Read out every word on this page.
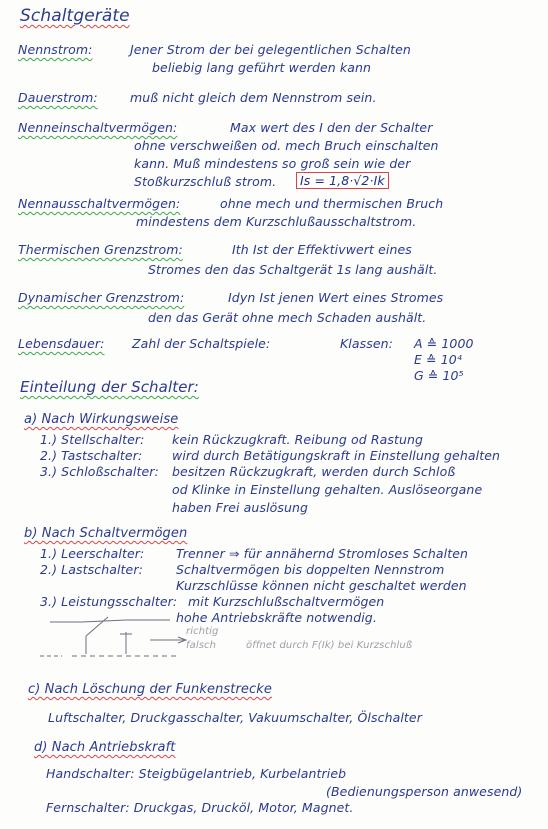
Schaltgeräte
Nennstrom:	Jener Strom der bei gelegentlichen Schalten
beliebig lang geführt werden kann
Dauerstrom:	muß nicht gleich dem Nennstrom sein.
Nenneinschaltvermögen:	Max wert des I den der Schalter
ohne verschweißen od. mech Bruch einschalten
kann. Muß mindestens so groß sein wie der
Stoßkurzschluß strom.	Is = 1,8·√2·Ik
Nennausschaltvermögen:	ohne mech und thermischen Bruch
mindestens dem Kurzschlußausschaltstrom.
Thermischen Grenzstrom:	Ith Ist der Effektivwert eines
Stromes den das Schaltgerät 1s lang aushält.
Dynamischer Grenzstrom:	Idyn Ist jenen Wert eines Stromes
den das Gerät ohne mech Schaden aushält.
Lebensdauer: Zahl der Schaltspiele:	Klassen: A ≙ 1000
E ≙ 10⁴
G ≙ 10⁵
Einteilung der Schalter:
a) Nach Wirkungsweise
1.) Stellschalter: kein Rückzugkraft. Reibung od Rastung
2.) Tastschalter: wird durch Betätigungskraft in Einstellung gehalten
3.) Schloßschalter: besitzen Rückzugkraft, werden durch Schloß
od Klinke in Einstellung gehalten. Auslöseorgane
haben Frei auslösung
b) Nach Schaltvermögen
1.) Leerschalter:	Trenner ⇒ für annähernd Stromloses Schalten
2.) Lastschalter:	Schaltvermögen bis doppelten Nennstrom
Kurzschlüsse können nicht geschaltet werden
3.) Leistungsschalter: mit Kurzschlußschaltvermögen
hohe Antriebskräfte notwendig.
richtig
falsch	öffnet durch F(Ik) bei Kurzschluß
c) Nach Löschung der Funkenstrecke
Luftschalter, Druckgasschalter, Vakuumschalter, Ölschalter
d) Nach Antriebskraft
Handschalter: Steigbügelantrieb, Kurbelantrieb
(Bedienungsperson anwesend)
Fernschalter: Druckgas, Drucköl, Motor, Magnet.
